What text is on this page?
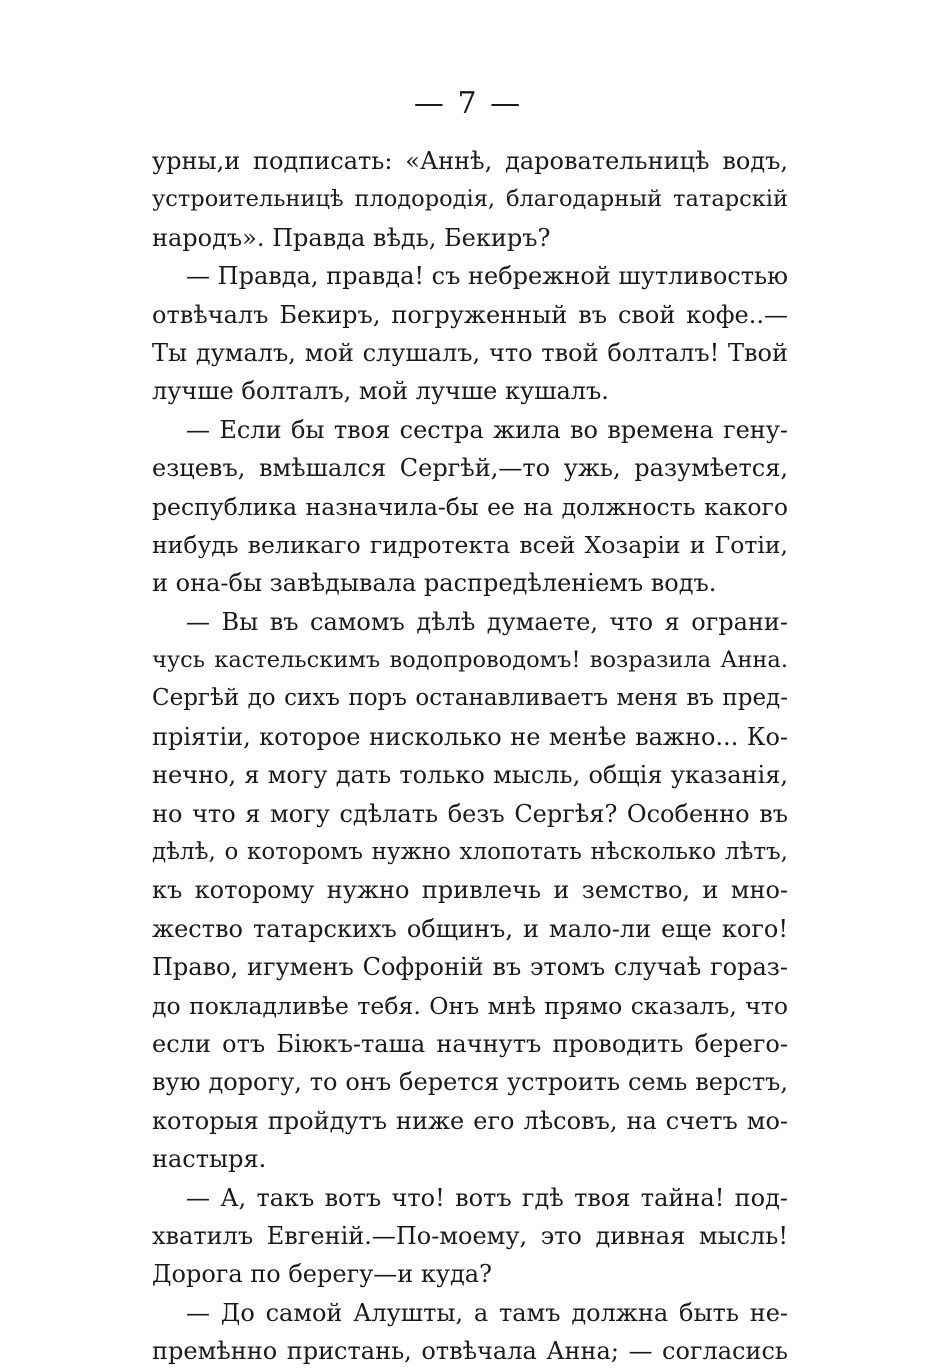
— 7 —
урны,и подписать: «Аннѣ, даровательницѣ водъ,
устроительницѣ плодородія, благодарный татарскій
народъ». Правда вѣдь, Бекиръ?
— Правда, правда! съ небрежной шутливостью
отвѣчалъ Бекиръ, погруженный въ свой кофе..—
Ты думалъ, мой слушалъ, что твой болталъ! Твой
лучше болталъ, мой лучше кушалъ.
— Если бы твоя сестра жила во времена гену-
езцевъ, вмѣшался Сергѣй,—то ужь, разумѣется,
республика назначила-бы ее на должность какого
нибудь великаго гидротекта всей Хозаріи и Готіи,
и она-бы завѣдывала распредѣленіемъ водъ.
— Вы въ самомъ дѣлѣ думаете, что я ограни-
чусь кастельскимъ водопроводомъ! возразила Анна.
Сергѣй до сихъ поръ останавливаетъ меня въ пред-
пріятіи, которое нисколько не менѣе важно... Ко-
нечно, я могу дать только мысль, общія указанія,
но что я могу сдѣлать безъ Сергѣя? Особенно въ
дѣлѣ, о которомъ нужно хлопотать нѣсколько лѣтъ,
къ которому нужно привлечь и земство, и мно-
жество татарскихъ общинъ, и мало-ли еще кого!
Право, игуменъ Софроній въ этомъ случаѣ гораз-
до покладливѣе тебя. Онъ мнѣ прямо сказалъ, что
если отъ Біюкъ-таша начнутъ проводить берего-
вую дорогу, то онъ берется устроить семь верстъ,
которыя пройдутъ ниже его лѣсовъ, на счетъ мо-
настыря.
— А, такъ вотъ что! вотъ гдѣ твоя тайна! под-
хватилъ Евгеній.—По-моему, это дивная мысль!
Дорога по берегу—и куда?
— До самой Алушты, а тамъ должна быть не-
премѣнно пристань, отвѣчала Анна; — согласись
